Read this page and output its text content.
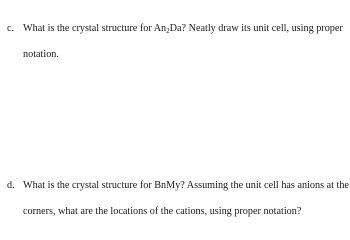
c. What is the crystal structure for $An_2Da$? Neatly draw its unit cell, using proper
notation.
d. What is the crystal structure for BnMy? Assuming the unit cell has anions at the
corners, what are the locations of the cations, using proper notation?
